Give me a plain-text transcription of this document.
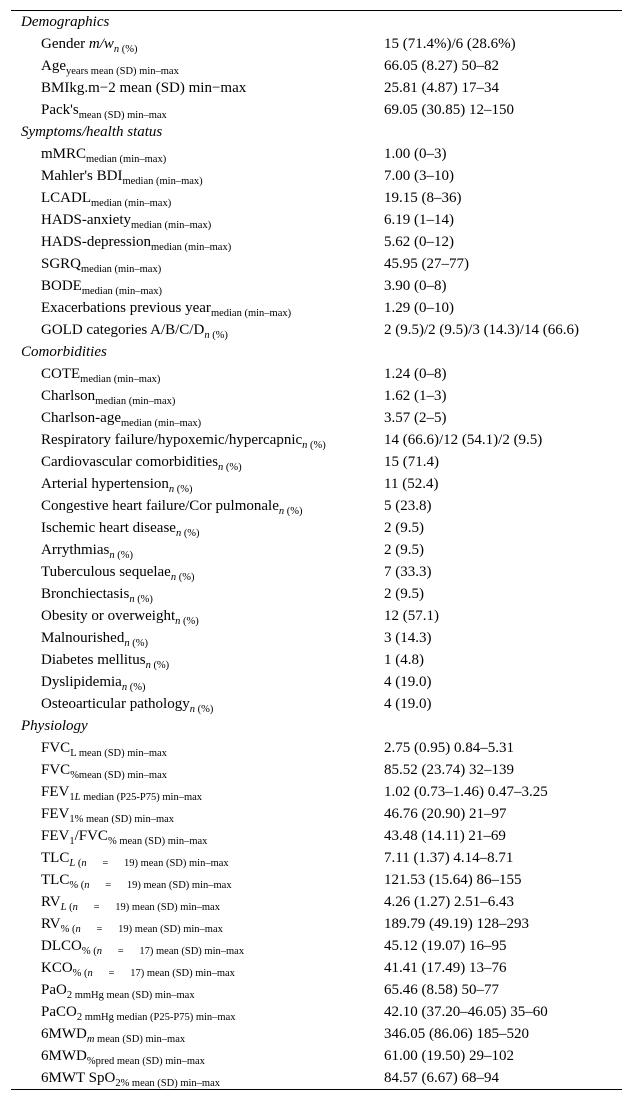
Demographics
Gender $m/w_{n (\%)}$	15 (71.4%)/6 (28.6%)
Age$_{years mean (SD) min-max}$	66.05 (8.27) 50–82
BMIkg.m−2 mean (SD) min−max	25.81 (4.87) 17–34
$Pack's_{mean (SD) min-max}$	69.05 (30.85) 12–150
Symptoms/health status
mMRC$_{median (min-max)}$	1.00 (0–3)
Mahler's $BDI_{median (min-max)}$	7.00 (3–10)
$LCADL_{median (min-max)}$	19.15 (8–36)
HADS-anxiety$_{median (min-max)}$	6.19 (1–14)
HADS-depression$_{median (min-max)}$	5.62 (0–12)
$SGRQ_{median (min-max)}$	45.95 (27–77)
$BODE_{median (min-max)}$	3.90 (0–8)
Exacerbations previous year$_{median (min-max)}$	1.29 (0–10)
GOLD categories $A/B/C/D_{n (\%)}$	2 (9.5)/2 (9.5)/3 (14.3)/14 (66.6)
Comorbidities
$COTE_{median (min-max)}$	1.24 (0–8)
Charlson$_{median (min-max)}$	1.62 (1–3)
Charlson-age$_{median (min-max)}$	3.57 (2–5)
Respiratory failure/hypoxemic/hypercapnic$_{n (\%)}$	14 (66.6)/12 (54.1)/2 (9.5)
Cardiovascular comorbidities$_{n (\%)}$	15 (71.4)
Arterial hypertension$_{n (\%)}$	11 (52.4)
Congestive heart failure/Cor pulmonale$_{n (\%)}$	5 (23.8)
Ischemic heart disease$_{n (\%)}$	2 (9.5)
Arrythmias$_{n (\%)}$	2 (9.5)
Tuberculous sequelae$_{n (\%)}$	7 (33.3)
Bronchiectasis$_{n (\%)}$	2 (9.5)
Obesity or overweight$_{n (\%)}$	12 (57.1)
Malnourished$_{n (\%)}$	3 (14.3)
Diabetes mellitus$_{n (\%)}$	1 (4.8)
Dyslipidemia$_{n (\%)}$	4 (19.0)
Osteoarticular pathology$_{n (\%)}$	4 (19.0)
Physiology
$FVC_{L mean (SD) min-max}$	2.75 (0.95) 0.84–5.31
$FVC_{\%mean (SD) min-max}$	85.52 (23.74) 32–139
$FEV_{1L median (P25-P75) min-max}$	1.02 (0.73–1.46) 0.47–3.25
$FEV_{1\% mean (SD) min-max}$	46.76 (20.90) 21–97
$FEV_1/FVC_{\% mean (SD) min-max}$	43.48 (14.11) 21–69
$TLC_{L (n = 19) mean (SD) min-max}$	7.11 (1.37) 4.14–8.71
$TLC_{\% (n = 19) mean (SD) min-max}$	121.53 (15.64) 86–155
$RV_{L (n = 19) mean (SD) min-max}$	4.26 (1.27) 2.51–6.43
$RV_{\% (n = 19) mean (SD) min-max}$	189.79 (49.19) 128–293
$DLCO_{\% (n = 17) mean (SD) min-max}$	45.12 (19.07) 16–95
$KCO_{\% (n = 17) mean (SD) min-max}$	41.41 (17.49) 13–76
PaO$_{2 mmHg mean (SD) min-max}$	65.46 (8.58) 50–77
PaCO$_{2 mmHg median (P25-P75) min-max}$	42.10 (37.20–46.05) 35–60
$6MWD_{m mean (SD) min-max}$	346.05 (86.06) 185–520
$6MWD_{\%pred mean (SD) min-max}$	61.00 (19.50) 29–102
6MWT SpO$_{2\% mean (SD) min-max}$	84.57 (6.67) 68–94
